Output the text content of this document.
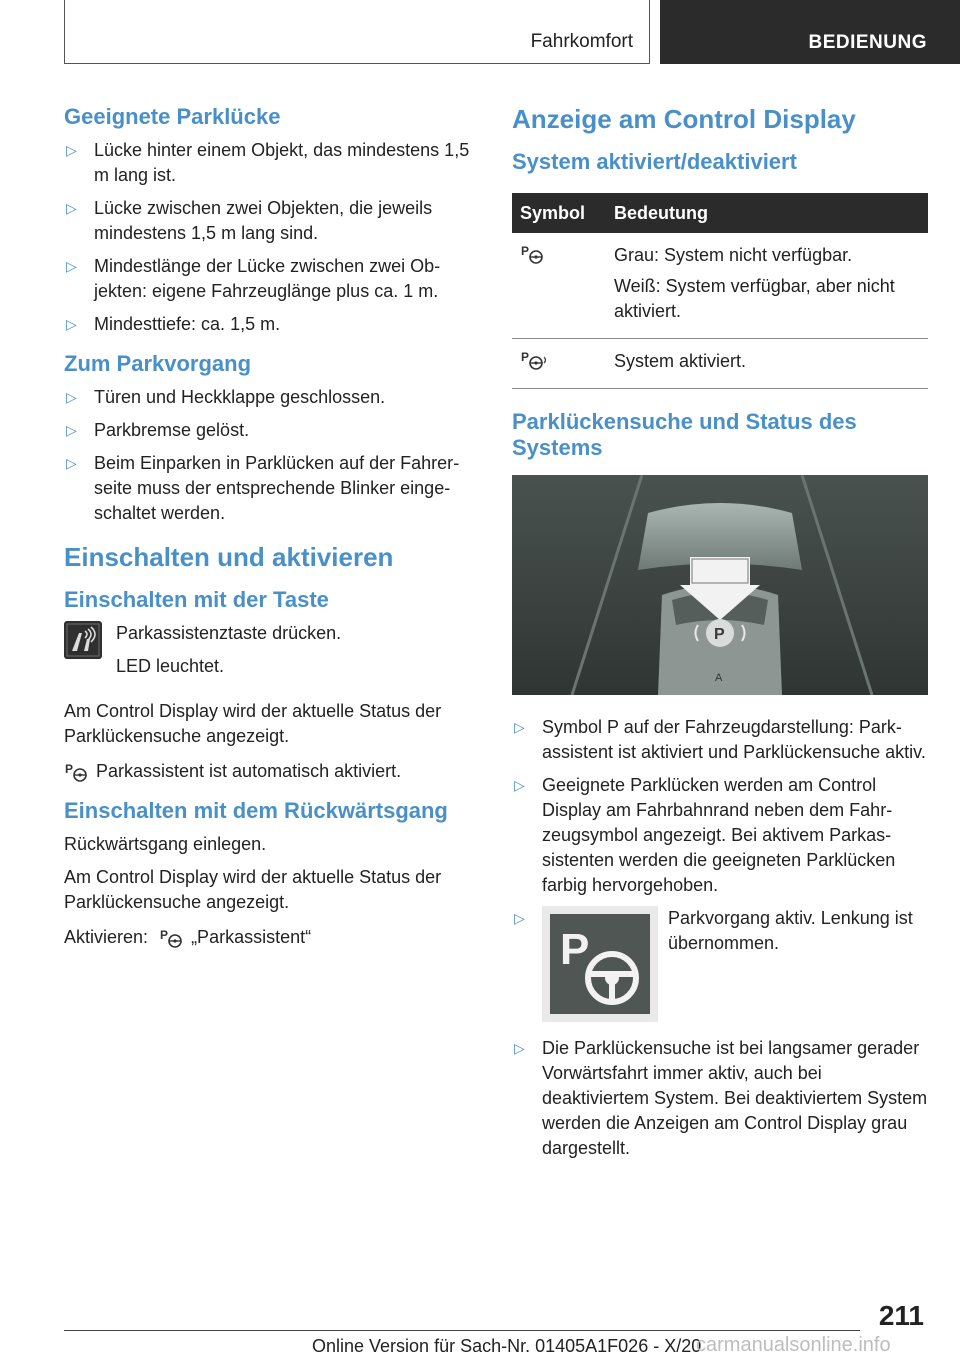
Fahrkomfort	BEDIENUNG
Geeignete Parklücke
▷ Lücke hinter einem Objekt, das mindestens 1,5 m lang ist.
▷ Lücke zwischen zwei Objekten, die jeweils mindestens 1,5 m lang sind.
▷ Mindestlänge der Lücke zwischen zwei Objekten: eigene Fahrzeuglänge plus ca. 1 m.
▷ Mindesttiefe: ca. 1,5 m.
Zum Parkvorgang
▷ Türen und Heckklappe geschlossen.
▷ Parkbremse gelöst.
▷ Beim Einparken in Parklücken auf der Fahrerseite muss der entsprechende Blinker eingeschaltet werden.
Einschalten und aktivieren
Einschalten mit der Taste

Parkassistenztaste drücken.

LED leuchtet.

Am Control Display wird der aktuelle Status der Parklückensuche angezeigt.

P Parkassistent ist automatisch aktiviert.

Einschalten mit dem Rückwärtsgang

Rückwärtsgang einlegen.

Am Control Display wird der aktuelle Status der Parklückensuche angezeigt.

Aktivieren: P „Parkassistent“

Anzeige am Control Display
System aktiviert/deaktiviert
Symbol	Bedeutung

P	Grau: System nicht verfügbar.

Weiß: System verfügbar, aber nicht aktiviert.

P	System aktiviert.

Parklückensuche und Status des Systems
P
A
▷ Symbol P auf der Fahrzeugdarstellung: Parkassistent ist aktiviert und Parklückensuche aktiv.
▷ Geeignete Parklücken werden am Control Display am Fahrbahnrand neben dem Fahrzeugsymbol angezeigt. Bei aktivem Parkassistenten werden die geeigneten Parklücken farbig hervorgehoben.
▷
P
Parkvorgang aktiv. Lenkung ist übernommen.
▷ Die Parklückensuche ist bei langsamer gerader Vorwärtsfahrt immer aktiv, auch bei deaktiviertem System. Bei deaktiviertem System werden die Anzeigen am Control Display grau dargestellt.
211
Online Version für Sach-Nr. 01405A1F026 - X/20
carmanualsonline.info
